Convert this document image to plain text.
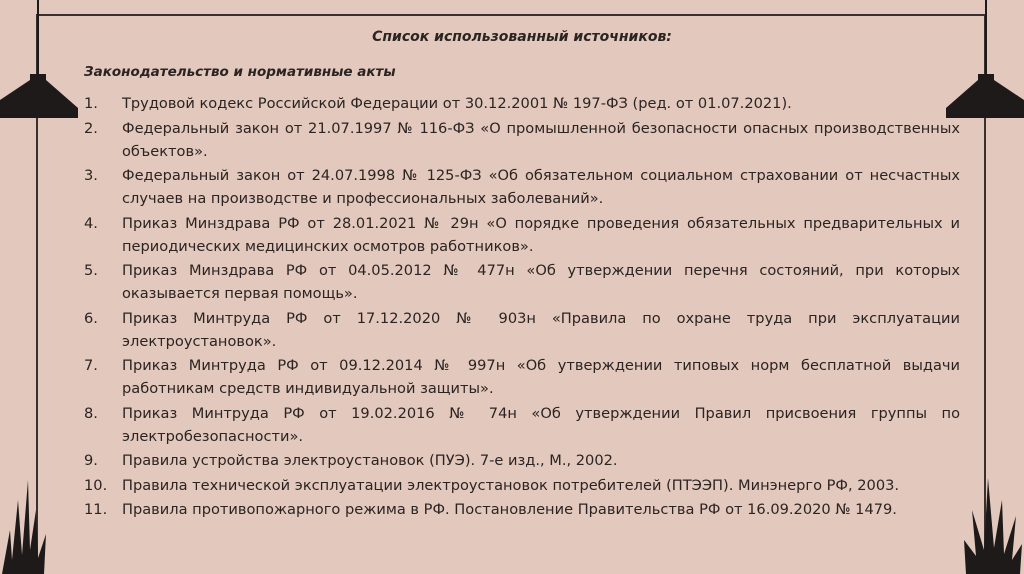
Список использованный источников:

Законодательство и нормативные акты

1.	Трудовой кодекс Российской Федерации от 30.12.2001 № 197-ФЗ (ред. от 01.07.2021).
2.	Федеральный закон от 21.07.1997 № 116-ФЗ «О промышленной безопасности опасных производственных объектов».
3.	Федеральный закон от 24.07.1998 № 125-ФЗ «Об обязательном социальном страховании от несчастных случаев на производстве и профессиональных заболеваний».
4.	Приказ Минздрава РФ от 28.01.2021 № 29н «О порядке проведения обязательных предварительных и периодических медицинских осмотров работников».
5.	Приказ Минздрава РФ от 04.05.2012 № 477н «Об утверждении перечня состояний, при которых оказывается первая помощь».
6.	Приказ Минтруда РФ от 17.12.2020 № 903н «Правила по охране труда при эксплуатации электроустановок».
7.	Приказ Минтруда РФ от 09.12.2014 № 997н «Об утверждении типовых норм бесплатной выдачи работникам средств индивидуальной защиты».
8.	Приказ Минтруда РФ от 19.02.2016 № 74н «Об утверждении Правил присвоения группы по электробезопасности».
9.	Правила устройства электроустановок (ПУЭ). 7-е изд., М., 2002.
10.	Правила технической эксплуатации электроустановок потребителей (ПТЭЭП). Минэнерго РФ, 2003.
11.	Правила противопожарного режима в РФ. Постановление Правительства РФ от 16.09.2020 № 1479.
